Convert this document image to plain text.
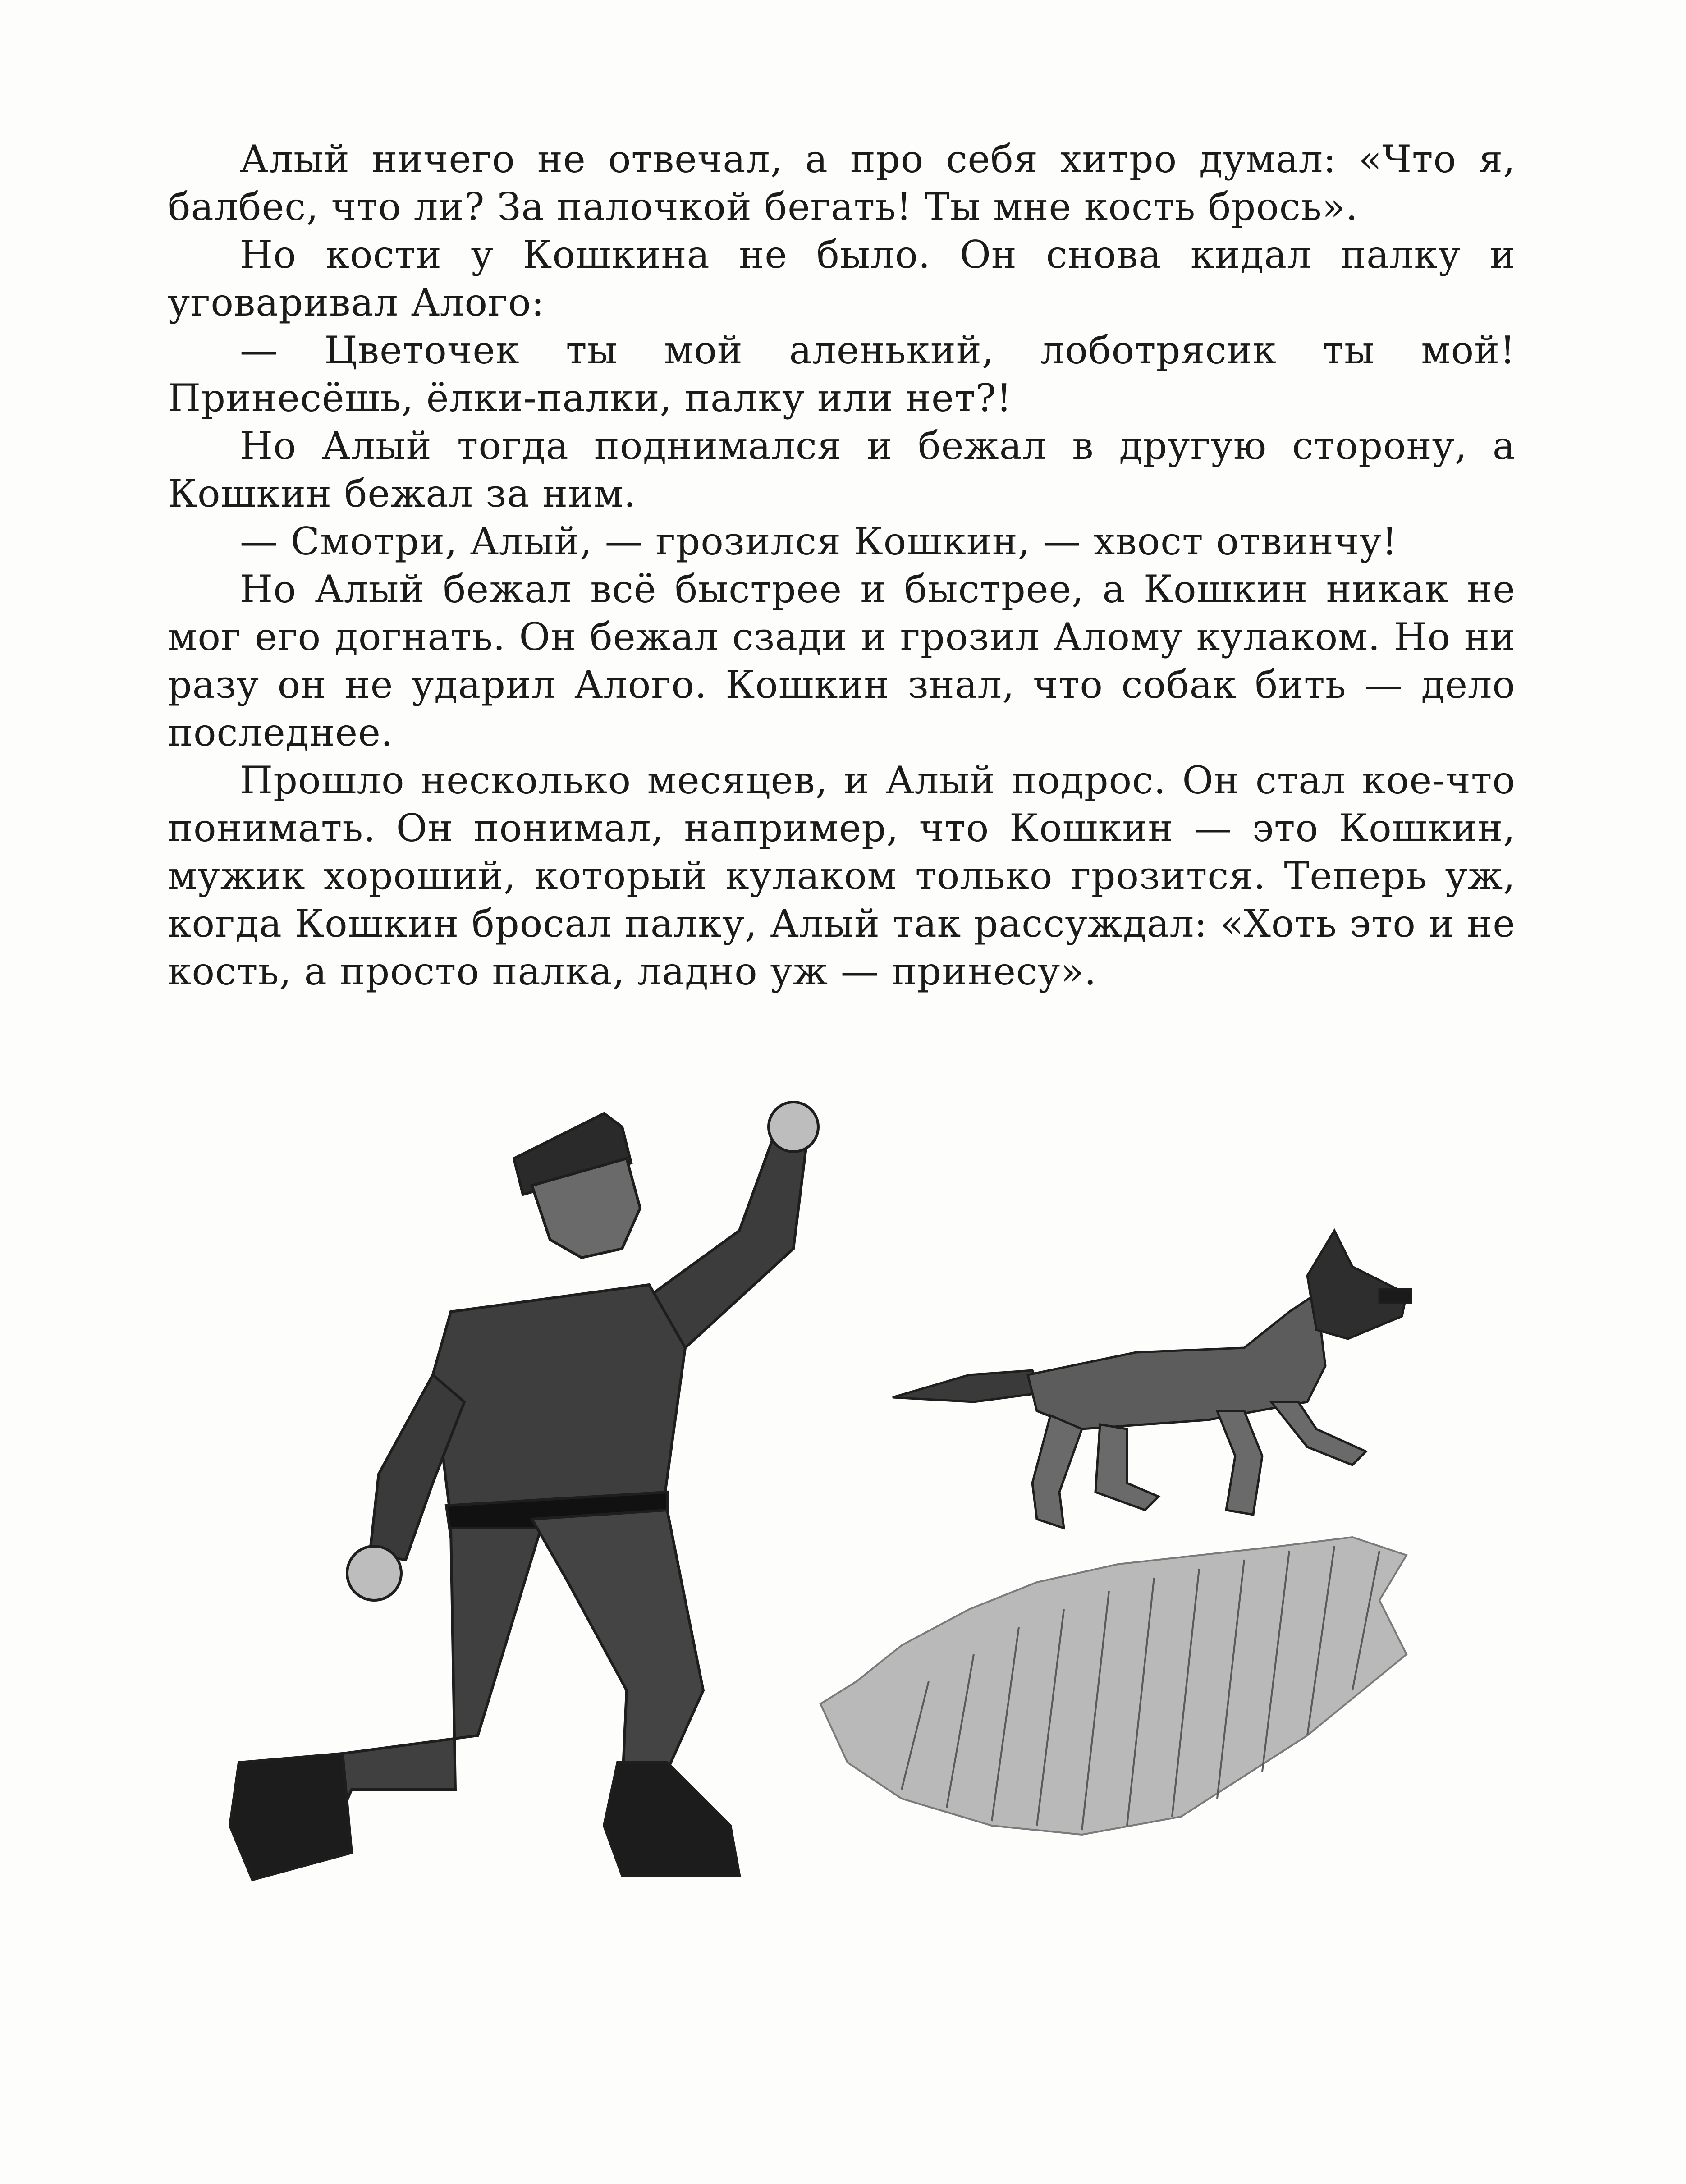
Алый ничего не отвечал, а про себя хитро думал: «Что я, балбес, что ли? За палочкой бегать! Ты мне кость брось».

Но кости у Кошкина не было. Он снова кидал палку и уговаривал Алого:

— Цветочек ты мой аленький, лоботрясик ты мой! Принесёшь, ёлки-палки, палку или нет?!

Но Алый тогда поднимался и бежал в другую сторону, а Кошкин бежал за ним.

— Смотри, Алый, — грозился Кошкин, — хвост отвинчу!

Но Алый бежал всё быстрее и быстрее, а Кошкин никак не мог его догнать. Он бежал сзади и грозил Алому кулаком. Но ни разу он не ударил Алого. Кошкин знал, что собак бить — дело последнее.

Прошло несколько месяцев, и Алый подрос. Он стал кое-что понимать. Он понимал, например, что Кошкин — это Кошкин, мужик хороший, который кулаком только грозится. Теперь уж, когда Кошкин бросал палку, Алый так рассуждал: «Хоть это и не кость, а просто палка, ладно уж — принесу».
